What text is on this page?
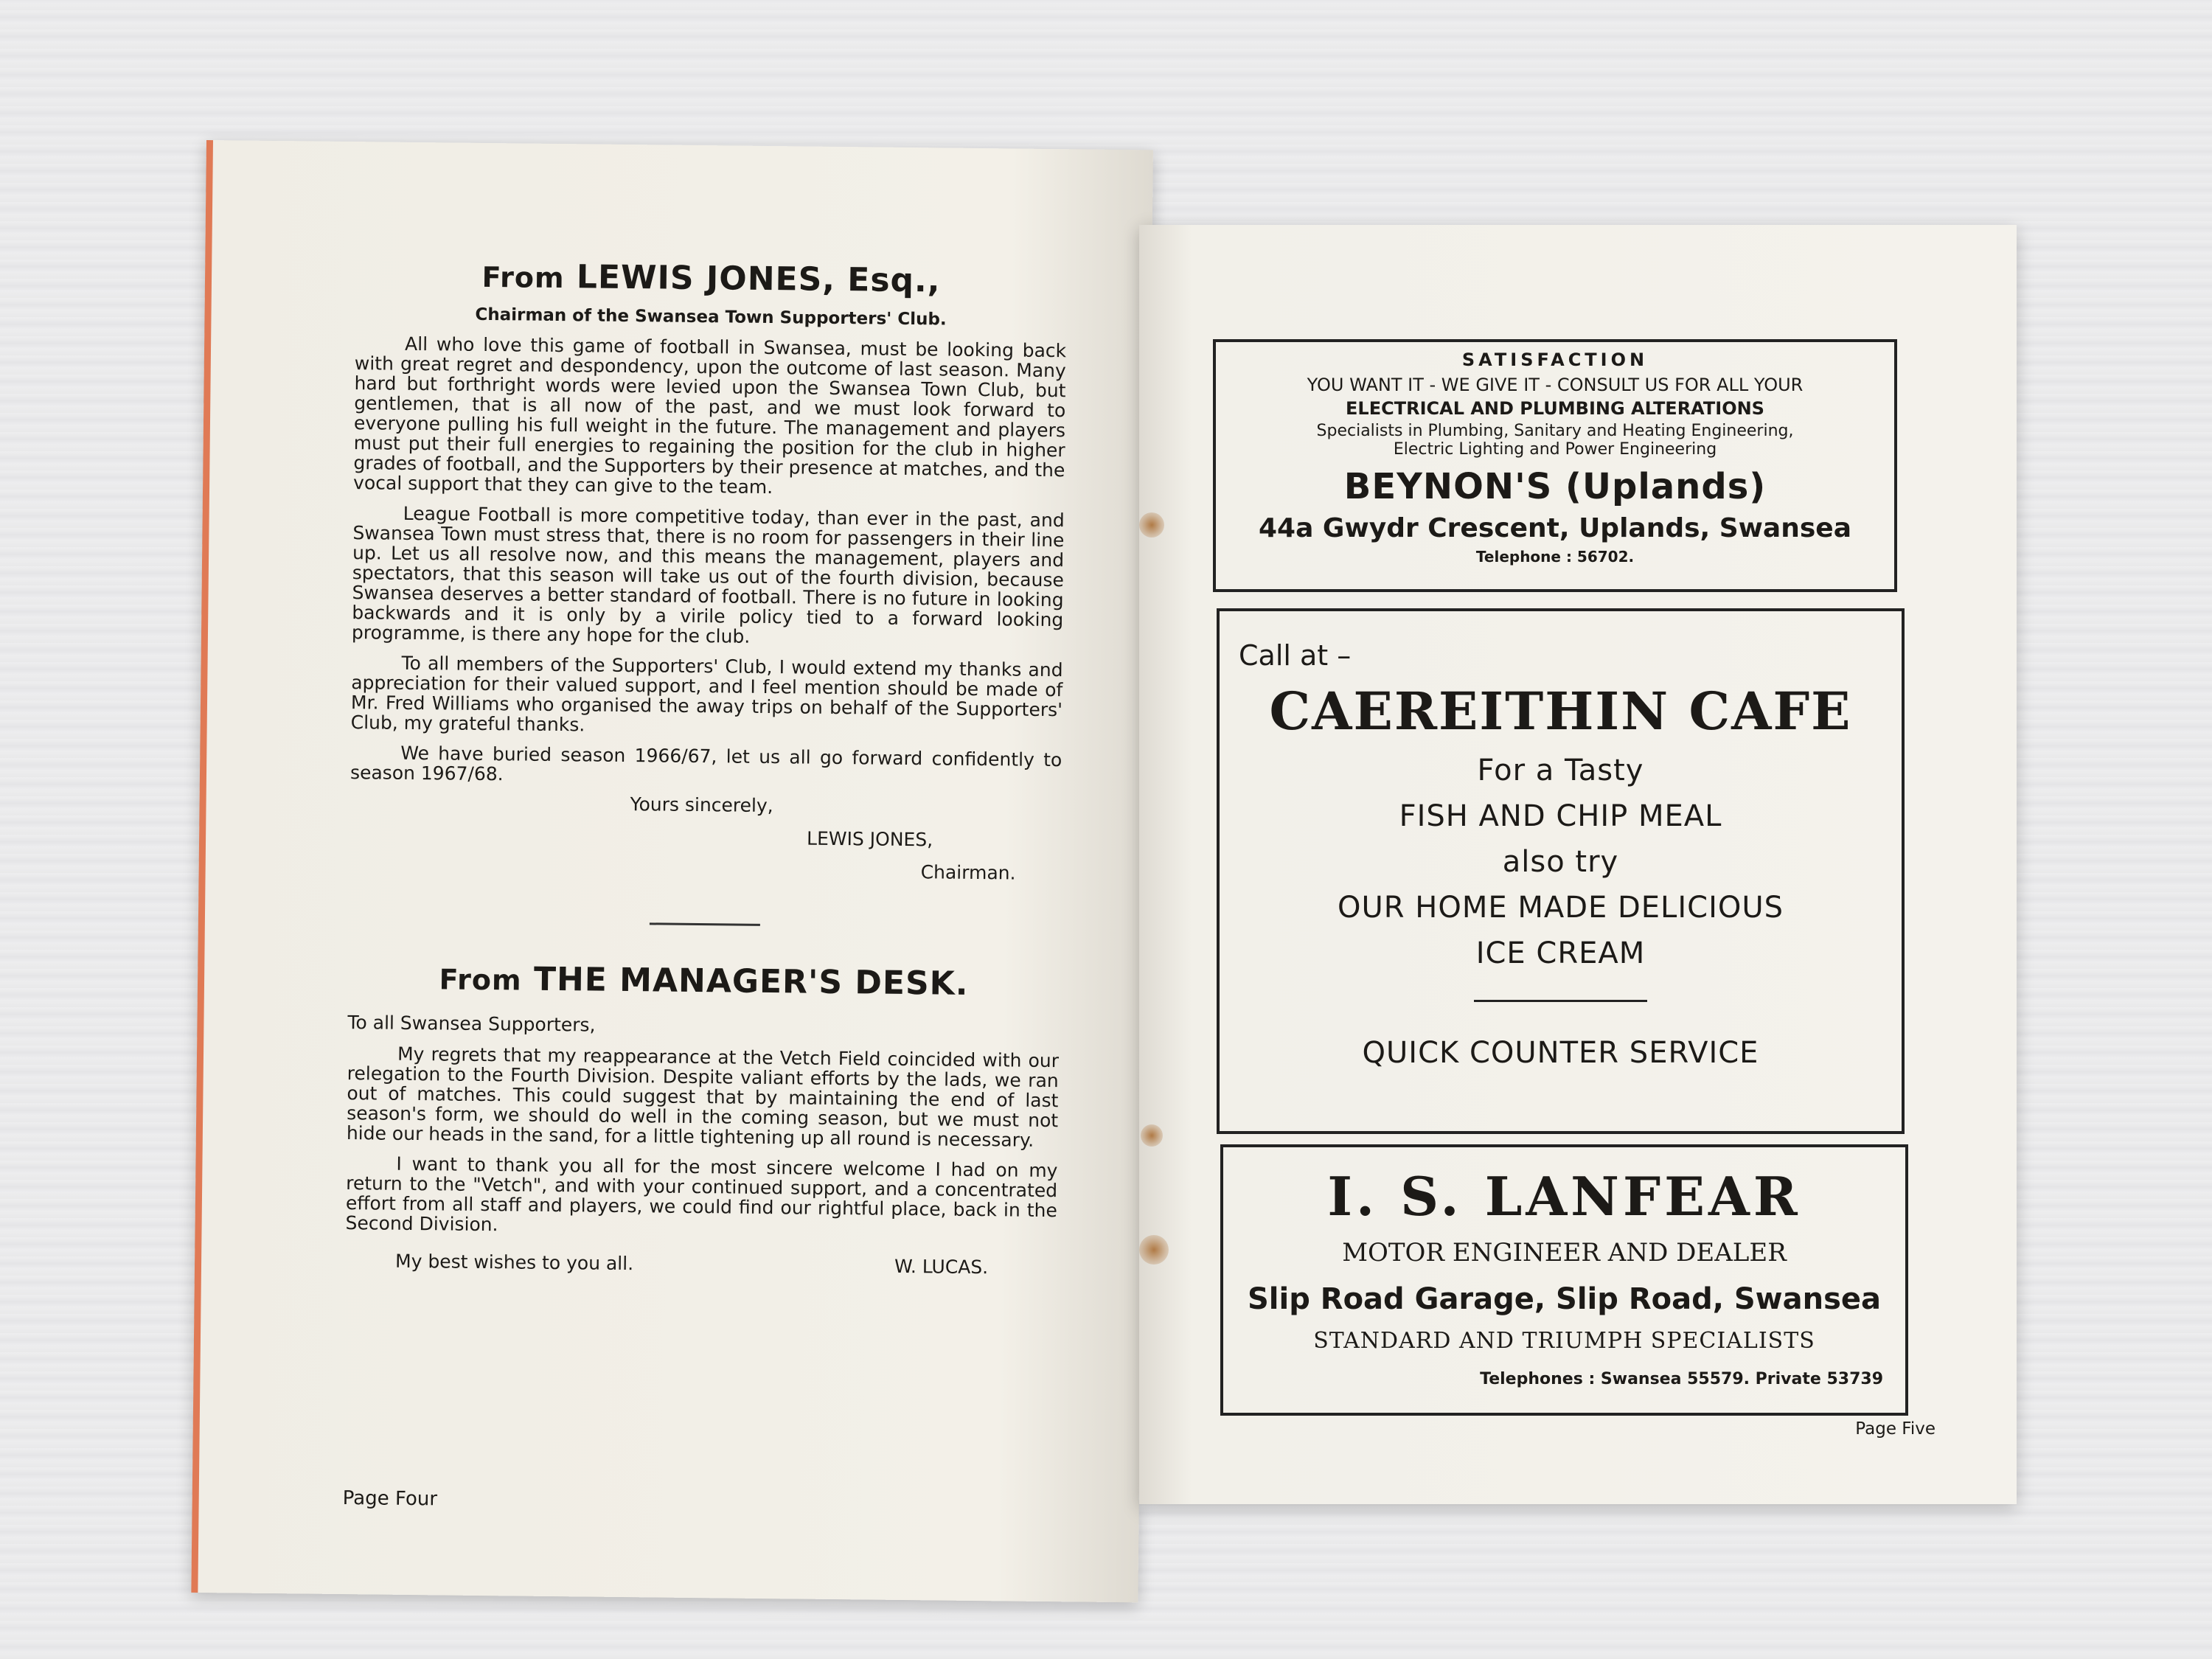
From LEWIS JONES, Esq.,
Chairman of the Swansea Town Supporters' Club.

All who love this game of football in Swansea, must be looking back with great regret and despondency, upon the outcome of last season. Many hard but forthright words were levied upon the Swansea Town Club, but gentlemen, that is all now of the past, and we must look forward to everyone pulling his full weight in the future. The management and players must put their full energies to regaining the position for the club in higher grades of football, and the Supporters by their presence at matches, and the vocal support that they can give to the team.

League Football is more competitive today, than ever in the past, and Swansea Town must stress that, there is no room for passengers in their line up. Let us all resolve now, and this means the management, players and spectators, that this season will take us out of the fourth division, because Swansea deserves a better standard of football. There is no future in looking backwards and it is only by a virile policy tied to a forward looking programme, is there any hope for the club.

To all members of the Supporters' Club, I would extend my thanks and appreciation for their valued support, and I feel mention should be made of Mr. Fred Williams who organised the away trips on behalf of the Supporters' Club, my grateful thanks.

We have buried season 1966/67, let us all go forward confidently to season 1967/68.

Yours sincerely,
LEWIS JONES,
Chairman.
From THE MANAGER'S DESK.
To all Swansea Supporters,

My regrets that my reappearance at the Vetch Field coincided with our relegation to the Fourth Division. Despite valiant efforts by the lads, we ran out of matches. This could suggest that by maintaining the end of last season's form, we should do well in the coming season, but we must not hide our heads in the sand, for a little tightening up all round is necessary.

I want to thank you all for the most sincere welcome I had on my return to the "Vetch", and with your continued support, and a concentrated effort from all staff and players, we could find our rightful place, back in the Second Division.

My best wishes to you all.	W. LUCAS.
Page Four
SATISFACTION
YOU WANT IT - WE GIVE IT - CONSULT US FOR ALL YOUR
ELECTRICAL AND PLUMBING ALTERATIONS
Specialists in Plumbing, Sanitary and Heating Engineering,
Electric Lighting and Power Engineering
BEYNON'S (Uplands)
44a Gwydr Crescent, Uplands, Swansea
Telephone : 56702.
Call at –
CAEREITHIN CAFE
For a Tasty
FISH AND CHIP MEAL
also try
OUR HOME MADE DELICIOUS
ICE CREAM
QUICK COUNTER SERVICE
I. S. LANFEAR
MOTOR ENGINEER AND DEALER
Slip Road Garage, Slip Road, Swansea
STANDARD AND TRIUMPH SPECIALISTS
Telephones : Swansea 55579. Private 53739
Page Five
